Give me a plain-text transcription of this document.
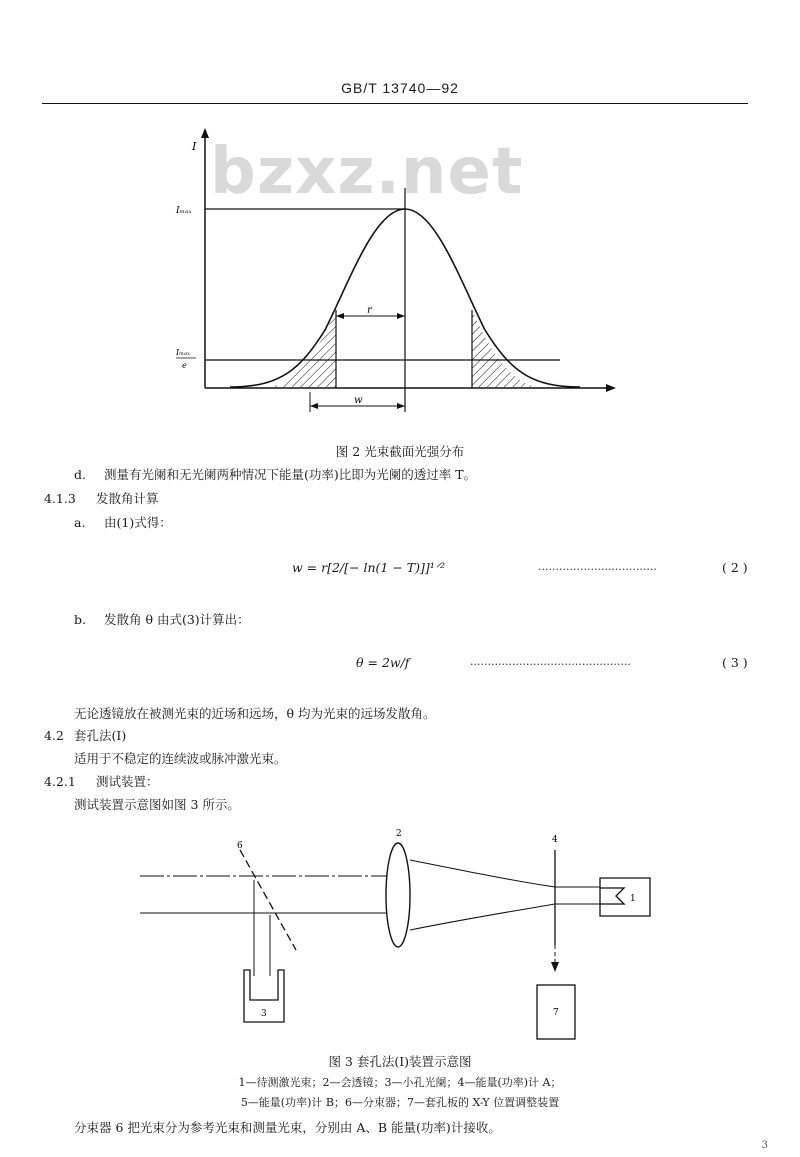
GB/T 13740—92
I
Iₘₐₓ
Iₘₐₓ
e
r
w
bzxz.net
图 2 光束截面光强分布
d. 测量有光阑和无光阑两种情况下能量(功率)比即为光阑的透过率 T。
4.1.3 发散角计算
a. 由(1)式得：
w = r[2/[− ln(1 − T)]]¹ᐟ²	··································	( 2 )
b. 发散角 θ 由式(3)计算出：
θ = 2w/f	··············································	( 3 )
无论透镜放在被测光束的近场和远场，θ 均为光束的远场发散角。
4.2 套孔法(Ⅰ)
适用于不稳定的连续波或脉冲激光束。
4.2.1 测试装置：
测试装置示意图如图 3 所示。
6
2
4
1
3	7
图 3 套孔法(Ⅰ)装置示意图
1—待测激光束；2—会透镜；3—小孔光阑；4—能量(功率)计 A；
5—能量(功率)计 B；6—分束器；7—套孔板的 X-Y 位置调整装置
分束器 6 把光束分为参考光束和测量光束，分别由 A、B 能量(功率)计接收。
3
